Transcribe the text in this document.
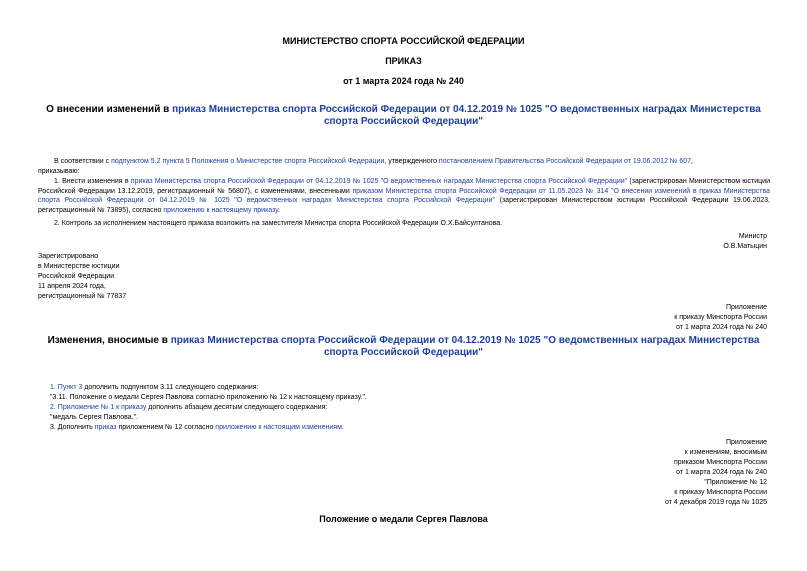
МИНИСТЕРСТВО СПОРТА РОССИЙСКОЙ ФЕДЕРАЦИИ
ПРИКАЗ
от 1 марта 2024 года № 240
О внесении изменений в приказ Министерства спорта Российской Федерации от 04.12.2019 № 1025 "О ведомственных наградах Министерства спорта Российской Федерации"
В соответствии с подпунктом 5.2 пункта 5 Положения о Министерстве спорта Российской Федерации, утвержденного постановлением Правительства Российской Федерации от 19.06.2012 № 607,
приказываю:
1. Внести изменения в приказ Министерства спорта Российской Федерации от 04.12.2019 № 1025 "О ведомственных наградах Министерства спорта Российской Федерации" (зарегистрирован Министерством юстиции Российской Федерации 13.12.2019, регистрационный № 56807), с изменениями, внесенными приказом Министерства спорта Российской Федерации от 11.05.2023 № 314 "О внесении изменений в приказ Министерства спорта Российской Федерации от 04.12.2019 № 1025 "О ведомственных наградах Министерства спорта Российской Федерации" (зарегистрирован Министерством юстиции Российской Федерации 19.06.2023, регистрационный № 73895), согласно приложению к настоящему приказу.
2. Контроль за исполнением настоящего приказа возложить на заместителя Министра спорта Российской Федерации О.Х.Байсултанова.
Министр
О.В.Матыцин
Зарегистрировано
в Министерстве юстиции
Российской Федерации
11 апреля 2024 года,
регистрационный № 77837
Приложение
к приказу Минспорта России
от 1 марта 2024 года № 240
Изменения, вносимые в приказ Министерства спорта Российской Федерации от 04.12.2019 № 1025 "О ведомственных наградах Министерства спорта Российской Федерации"
1. Пункт 3 дополнить подпунктом 3.11 следующего содержания:
"3.11. Положение о медали Сергея Павлова согласно приложению № 12 к настоящему приказу.".
2. Приложение № 1 к приказу дополнить абзацем десятым следующего содержания:
"медаль Сергея Павлова.".
3. Дополнить приказ приложением № 12 согласно приложению к настоящим изменениям.
Приложение
к изменениям, вносимым
приказом Минспорта России
от 1 марта 2024 года № 240
"Приложение № 12
к приказу Минспорта России
от 4 декабря 2019 года № 1025
Положение о медали Сергея Павлова
